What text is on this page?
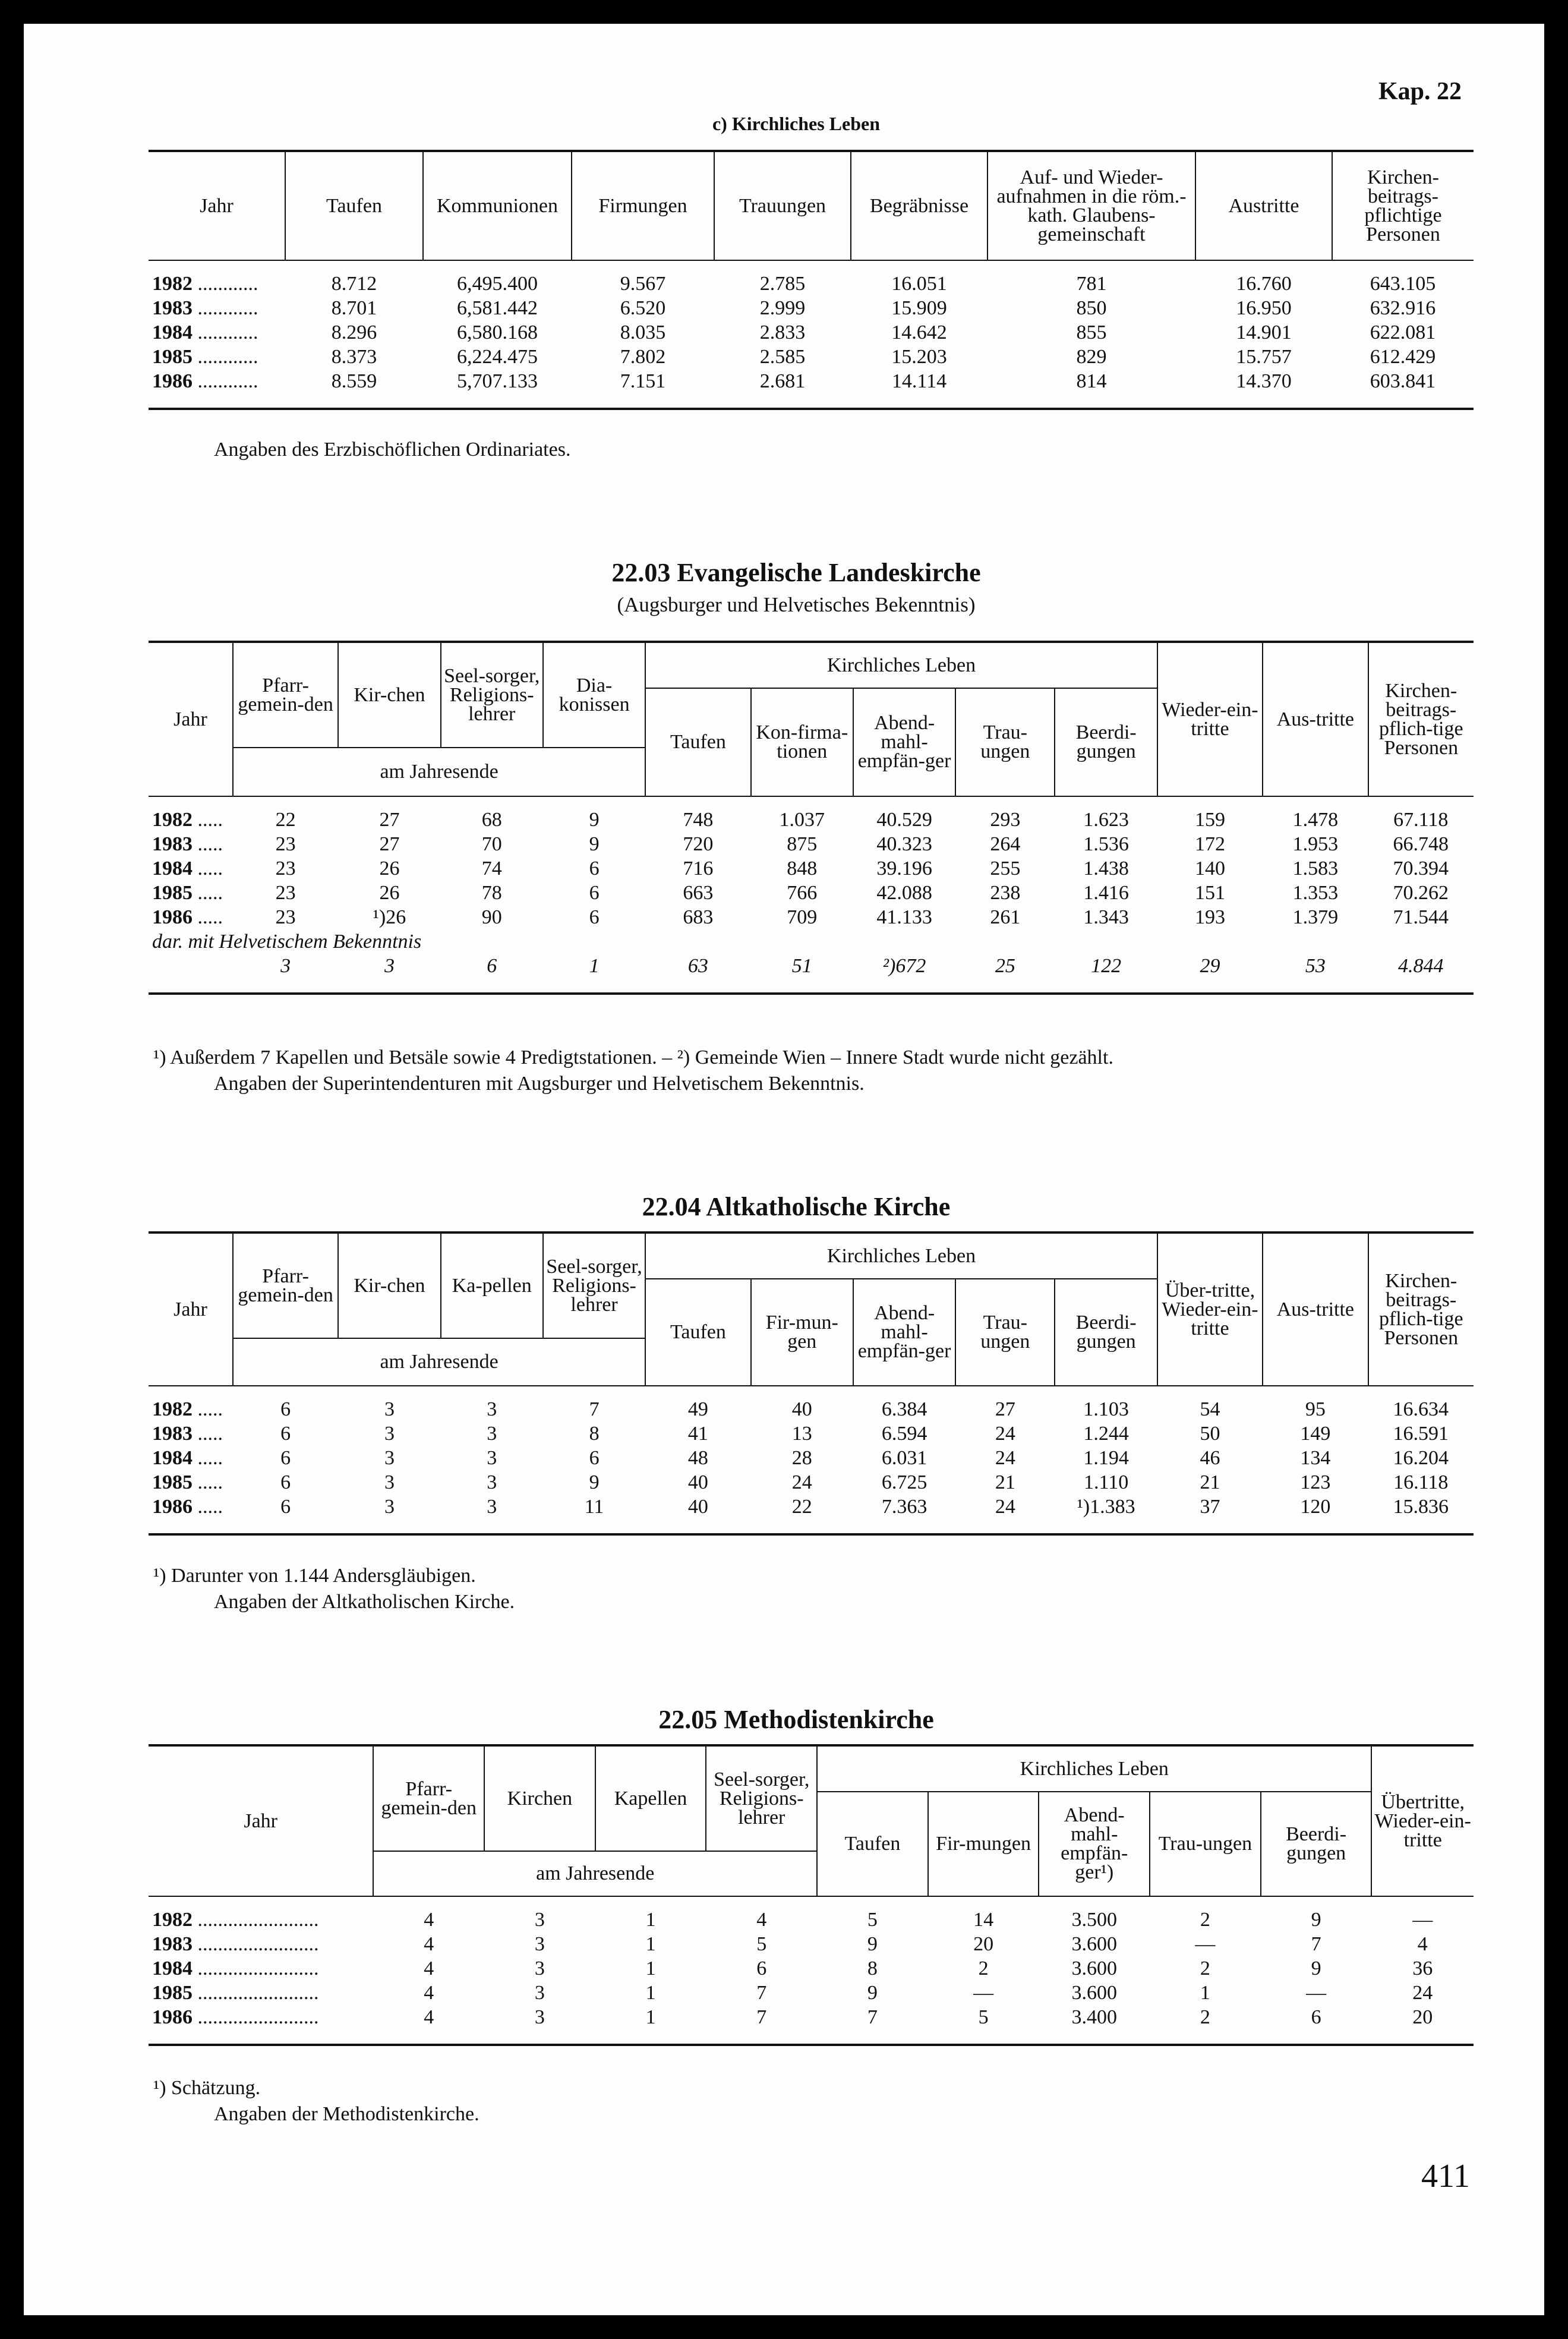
Kap. 22
c) Kirchliches Leben
Jahr	Taufen	Kommunionen	Firmungen	Trauungen	Begräbnisse	Auf- und Wieder-aufnahmen in die röm.-kath. Glaubens-gemeinschaft	Austritte	Kirchen-beitrags-pflichtige Personen

1982 ............	8.712	6,495.400	9.567	2.785	16.051	781	16.760	643.105
1983 ............	8.701	6,581.442	6.520	2.999	15.909	850	16.950	632.916
1984 ............	8.296	6,580.168	8.035	2.833	14.642	855	14.901	622.081
1985 ............	8.373	6,224.475	7.802	2.585	15.203	829	15.757	612.429
1986 ............	8.559	5,707.133	7.151	2.681	14.114	814	14.370	603.841

Angaben des Erzbischöflichen Ordinariates.
22.03 Evangelische Landeskirche
(Augsburger und Helvetisches Bekenntnis)
Jahr	Pfarr-gemein-den	Kir-chen	Seel-sorger, Religions-lehrer	Dia-konissen	Kirchliches Leben					Wieder-ein-tritte	Aus-tritte	Kirchen-beitrags-pflich-tige Personen
					Taufen	Kon-firma-tionen	Abend-mahl-empfän-ger	Trau-ungen	Beerdi-gungen			
	am Jahresende											

1982 .....	22	27	68	9	748	1.037	40.529	293	1.623	159	1.478	67.118
1983 .....	23	27	70	9	720	875	40.323	264	1.536	172	1.953	66.748
1984 .....	23	26	74	6	716	848	39.196	255	1.438	140	1.583	70.394
1985 .....	23	26	78	6	663	766	42.088	238	1.416	151	1.353	70.262
1986 .....	23	¹)26	90	6	683	709	41.133	261	1.343	193	1.379	71.544
dar. mit Helvetischem Bekenntnis												
	3	3	6	1	63	51	²)672	25	122	29	53	4.844

¹) Außerdem 7 Kapellen und Betsäle sowie 4 Predigtstationen. – ²) Gemeinde Wien – Innere Stadt wurde nicht gezählt.
Angaben der Superintendenturen mit Augsburger und Helvetischem Bekenntnis.
22.04 Altkatholische Kirche
Jahr	Pfarr-gemein-den	Kir-chen	Ka-pellen	Seel-sorger, Religions-lehrer	Kirchliches Leben					Über-tritte, Wieder-ein-tritte	Aus-tritte	Kirchen-beitrags-pflich-tige Personen
					Taufen	Fir-mun-gen	Abend-mahl-empfän-ger	Trau-ungen	Beerdi-gungen			
	am Jahresende											

1982 .....	6	3	3	7	49	40	6.384	27	1.103	54	95	16.634
1983 .....	6	3	3	8	41	13	6.594	24	1.244	50	149	16.591
1984 .....	6	3	3	6	48	28	6.031	24	1.194	46	134	16.204
1985 .....	6	3	3	9	40	24	6.725	21	1.110	21	123	16.118
1986 .....	6	3	3	11	40	22	7.363	24	¹)1.383	37	120	15.836

¹) Darunter von 1.144 Andersgläubigen.
Angaben der Altkatholischen Kirche.
22.05 Methodistenkirche
Jahr	Pfarr-gemein-den	Kirchen	Kapellen	Seel-sorger, Religions-lehrer	Kirchliches Leben					Übertritte, Wieder-ein-tritte
					Taufen	Fir-mungen	Abend-mahl-empfän-ger¹)	Trau-ungen	Beerdi-gungen	
	am Jahresende									

1982 ........................	4	3	1	4	5	14	3.500	2	9	—
1983 ........................	4	3	1	5	9	20	3.600	—	7	4
1984 ........................	4	3	1	6	8	2	3.600	2	9	36
1985 ........................	4	3	1	7	9	—	3.600	1	—	24
1986 ........................	4	3	1	7	7	5	3.400	2	6	20

¹) Schätzung.
Angaben der Methodistenkirche.
411
